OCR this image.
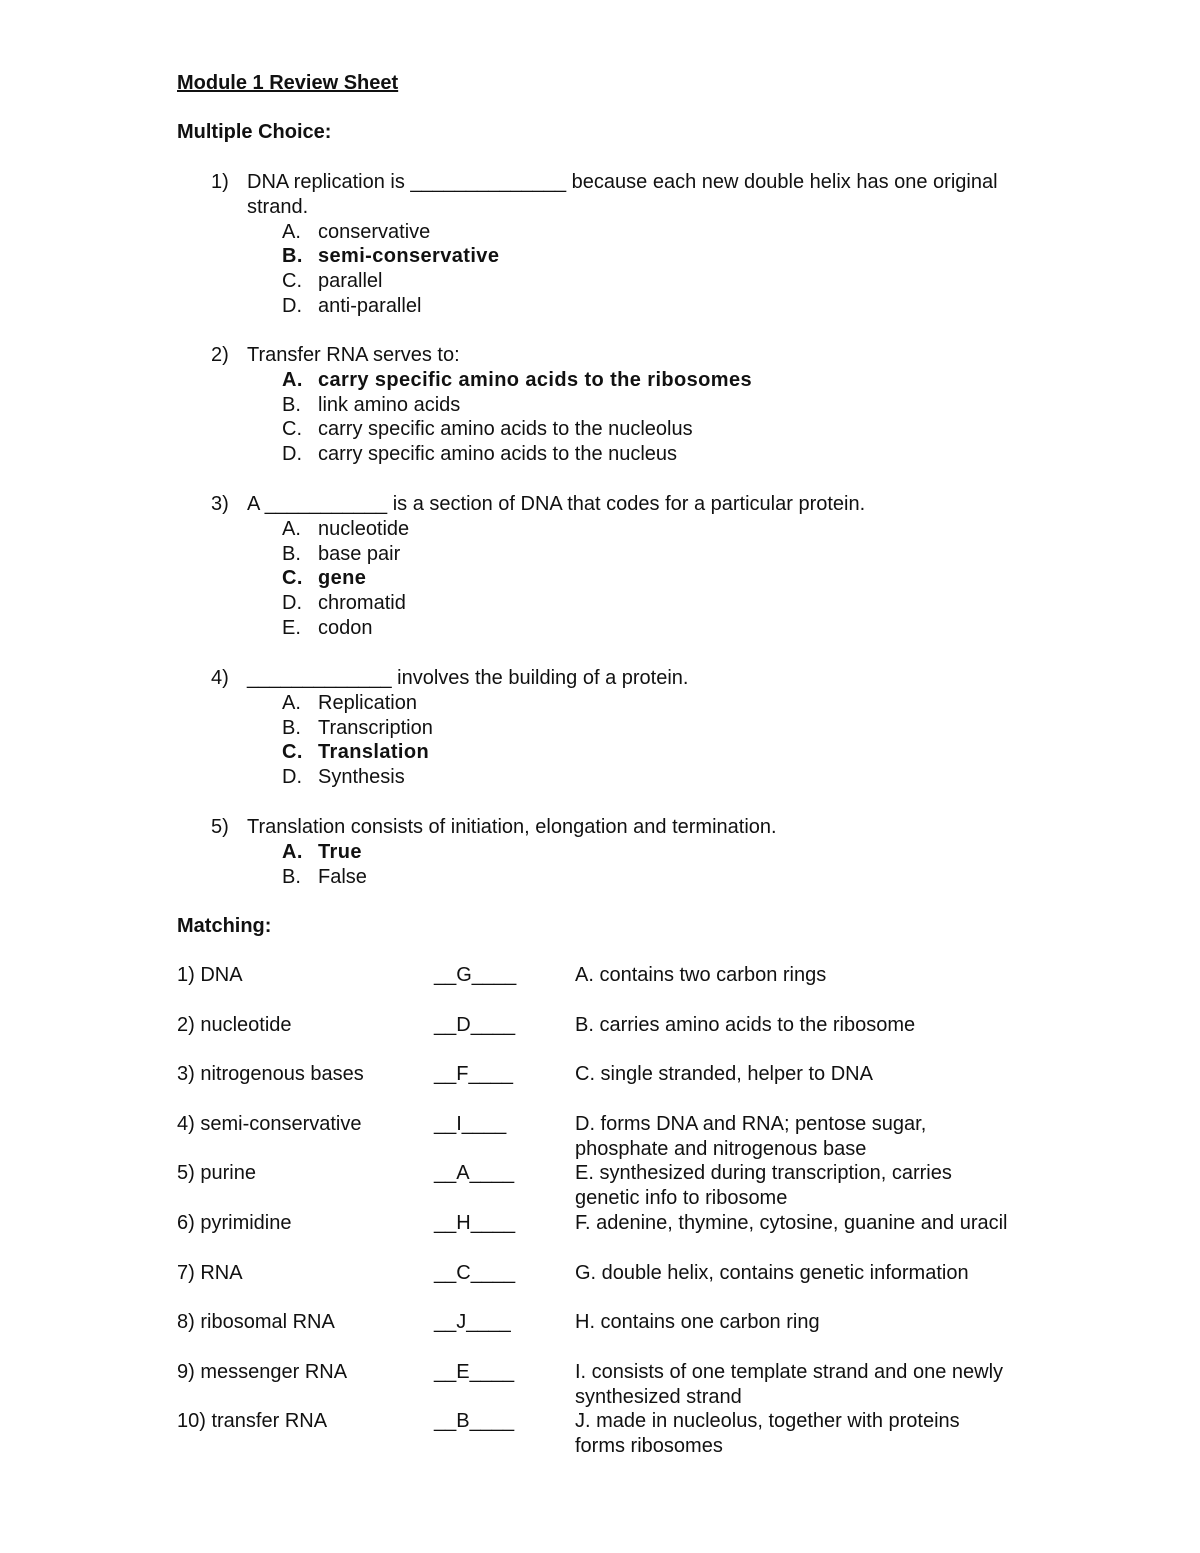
Module 1 Review Sheet
Multiple Choice:
1) DNA replication is ______________ because each new double helix has one original strand.
A. conservative
B. semi-conservative
C. parallel
D. anti-parallel
2) Transfer RNA serves to:
A. carry specific amino acids to the ribosomes
B. link amino acids
C. carry specific amino acids to the nucleolus
D. carry specific amino acids to the nucleus
3) A ___________ is a section of DNA that codes for a particular protein.
A. nucleotide
B. base pair
C. gene
D. chromatid
E. codon
4) _____________ involves the building of a protein.
A. Replication
B. Transcription
C. Translation
D. Synthesis
5) Translation consists of initiation, elongation and termination.
A. True
B. False
Matching:
1) DNA	__G____	A. contains two carbon rings
2) nucleotide	__D____	B. carries amino acids to the ribosome
3) nitrogenous bases	__F____	C. single stranded, helper to DNA
4) semi-conservative	__I____	D. forms DNA and RNA; pentose sugar, phosphate and nitrogenous base
5) purine	__A____	E. synthesized during transcription, carries genetic info to ribosome
6) pyrimidine	__H____	F. adenine, thymine, cytosine, guanine and uracil
7) RNA	__C____	G. double helix, contains genetic information
8) ribosomal RNA	__J____	H. contains one carbon ring
9) messenger RNA	__E____	I. consists of one template strand and one newly synthesized strand
10) transfer RNA	__B____	J. made in nucleolus, together with proteins forms ribosomes
